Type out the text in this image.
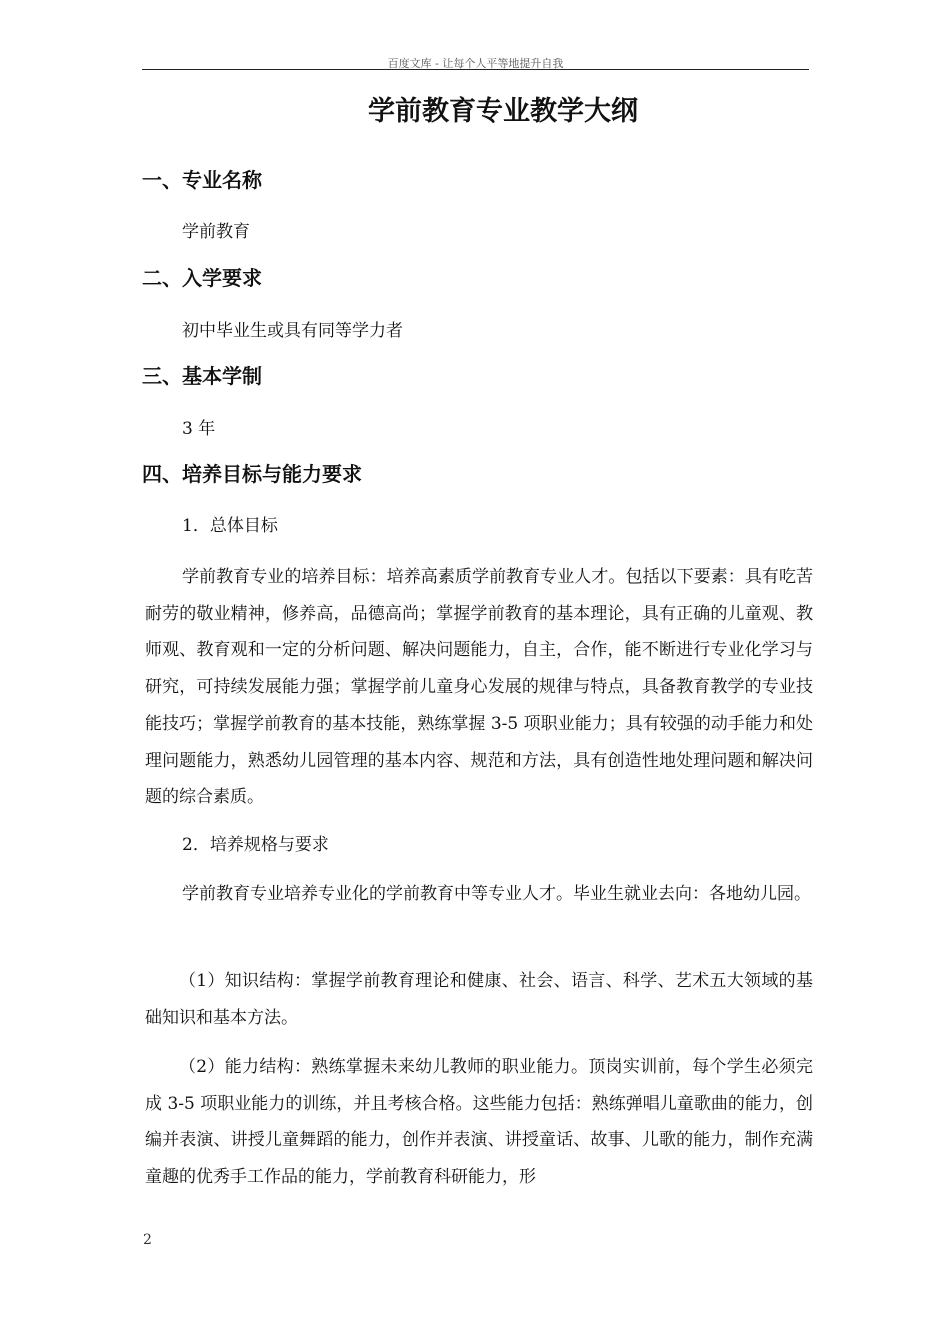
百度文库 - 让每个人平等地提升自我
学前教育专业教学大纲
一、专业名称
学前教育
二、入学要求
初中毕业生或具有同等学力者
三、基本学制
3 年
四、培养目标与能力要求
1．总体目标

学前教育专业的培养目标：培养高素质学前教育专业人才。包括以下要素：具有吃苦耐劳的敬业精神，修养高，品德高尚；掌握学前教育的基本理论，具有正确的儿童观、教师观、教育观和一定的分析问题、解决问题能力，自主，合作，能不断进行专业化学习与研究，可持续发展能力强；掌握学前儿童身心发展的规律与特点，具备教育教学的专业技能技巧；掌握学前教育的基本技能，熟练掌握 3-5 项职业能力；具有较强的动手能力和处理问题能力，熟悉幼儿园管理的基本内容、规范和方法，具有创造性地处理问题和解决问题的综合素质。

2．培养规格与要求

学前教育专业培养专业化的学前教育中等专业人才。毕业生就业去向：各地幼儿园。

（1）知识结构：掌握学前教育理论和健康、社会、语言、科学、艺术五大领域的基础知识和基本方法。

（2）能力结构：熟练掌握未来幼儿教师的职业能力。顶岗实训前，每个学生必须完成 3-5 项职业能力的训练，并且考核合格。这些能力包括：熟练弹唱儿童歌曲的能力，创编并表演、讲授儿童舞蹈的能力，创作并表演、讲授童话、故事、儿歌的能力，制作充满童趣的优秀手工作品的能力，学前教育科研能力，形

2
